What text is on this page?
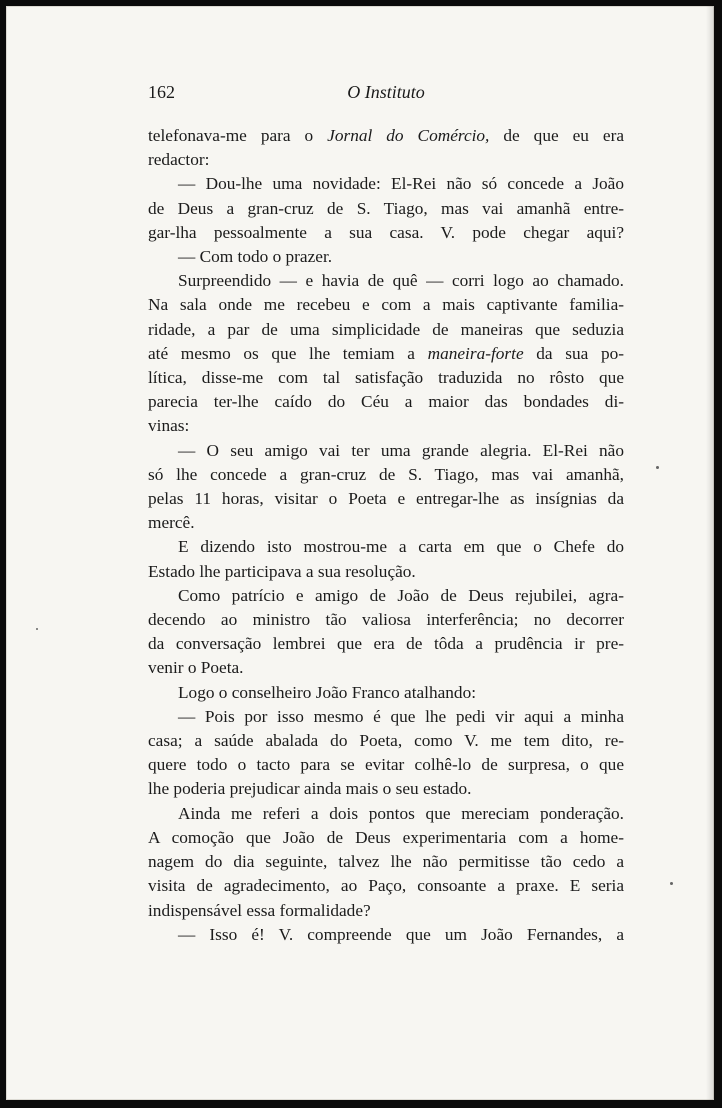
162	O Instituto
telefonava-me para o Jornal do Comércio, de que eu era
redactor:
— Dou-lhe uma novidade: El-Rei não só concede a João
de Deus a gran-cruz de S. Tiago, mas vai amanhã entre-
gar-lha pessoalmente a sua casa. V. pode chegar aqui?
— Com todo o prazer.
Surpreendido — e havia de quê — corri logo ao chamado.
Na sala onde me recebeu e com a mais captivante familia-
ridade, a par de uma simplicidade de maneiras que seduzia
até mesmo os que lhe temiam a maneira-forte da sua po-
lítica, disse-me com tal satisfação traduzida no rôsto que
parecia ter-lhe caído do Céu a maior das bondades di-
vinas:
— O seu amigo vai ter uma grande alegria. El-Rei não
só lhe concede a gran-cruz de S. Tiago, mas vai amanhã,
pelas 11 horas, visitar o Poeta e entregar-lhe as insígnias da
mercê.
E dizendo isto mostrou-me a carta em que o Chefe do
Estado lhe participava a sua resolução.
Como patrício e amigo de João de Deus rejubilei, agra-
decendo ao ministro tão valiosa interferência; no decorrer
da conversação lembrei que era de tôda a prudência ir pre-
venir o Poeta.
Logo o conselheiro João Franco atalhando:
— Pois por isso mesmo é que lhe pedi vir aqui a minha
casa; a saúde abalada do Poeta, como V. me tem dito, re-
quere todo o tacto para se evitar colhê-lo de surpresa, o que
lhe poderia prejudicar ainda mais o seu estado.
Ainda me referi a dois pontos que mereciam ponderação.
A comoção que João de Deus experimentaria com a home-
nagem do dia seguinte, talvez lhe não permitisse tão cedo a
visita de agradecimento, ao Paço, consoante a praxe. E seria
indispensável essa formalidade?
— Isso é! V. compreende que um João Fernandes, a
